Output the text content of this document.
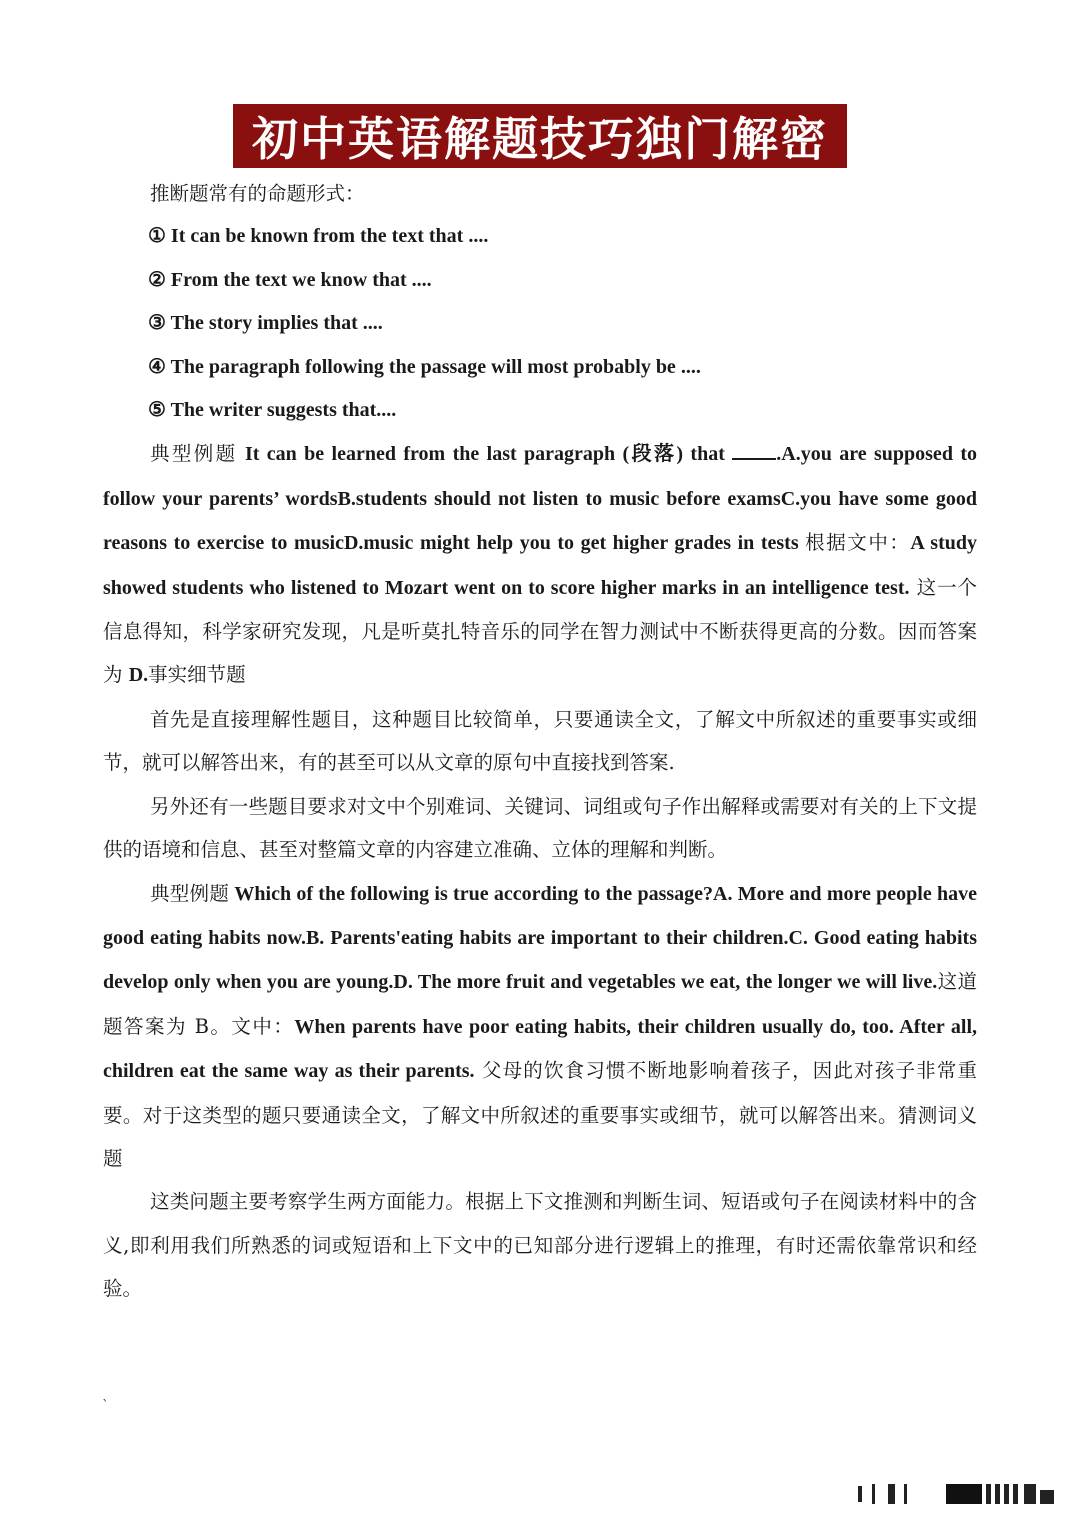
初中英语解题技巧独门解密

推断题常有的命题形式：

① It can be known from the text that ....

② From the text we know that ....

③ The story implies that ....

④ The paragraph following the passage will most probably be ....

⑤ The writer suggests that....

典型例题 It can be learned from the last paragraph (段落) that .A.you are supposed to follow your parents’ wordsB.students should not listen to music before examsC.you have some good reasons to exercise to musicD.music might help you to get higher grades in tests 根据文中：A study showed students who listened to Mozart went on to score higher marks in an intelligence test. 这一个信息得知，科学家研究发现，凡是听莫扎特音乐的同学在智力测试中不断获得更高的分数。因而答案为 D.事实细节题

首先是直接理解性题目，这种题目比较简单，只要通读全文，了解文中所叙述的重要事实或细节，就可以解答出来，有的甚至可以从文章的原句中直接找到答案.

另外还有一些题目要求对文中个别难词、关键词、词组或句子作出解释或需要对有关的上下文提供的语境和信息、甚至对整篇文章的内容建立准确、立体的理解和判断。

典型例题 Which of the following is true according to the passage?A. More and more people have good eating habits now.B. Parents'eating habits are important to their children.C. Good eating habits develop only when you are young.D. The more fruit and vegetables we eat, the longer we will live.这道题答案为 B。文中：When parents have poor eating habits, their children usually do, too. After all, children eat the same way as their parents. 父母的饮食习惯不断地影响着孩子，因此对孩子非常重要。对于这类型的题只要通读全文，了解文中所叙述的重要事实或细节，就可以解答出来。猜测词义题

这类问题主要考察学生两方面能力。根据上下文推测和判断生词、短语或句子在阅读材料中的含义,即利用我们所熟悉的词或短语和上下文中的已知部分进行逻辑上的推理，有时还需依靠常识和经验。

`
